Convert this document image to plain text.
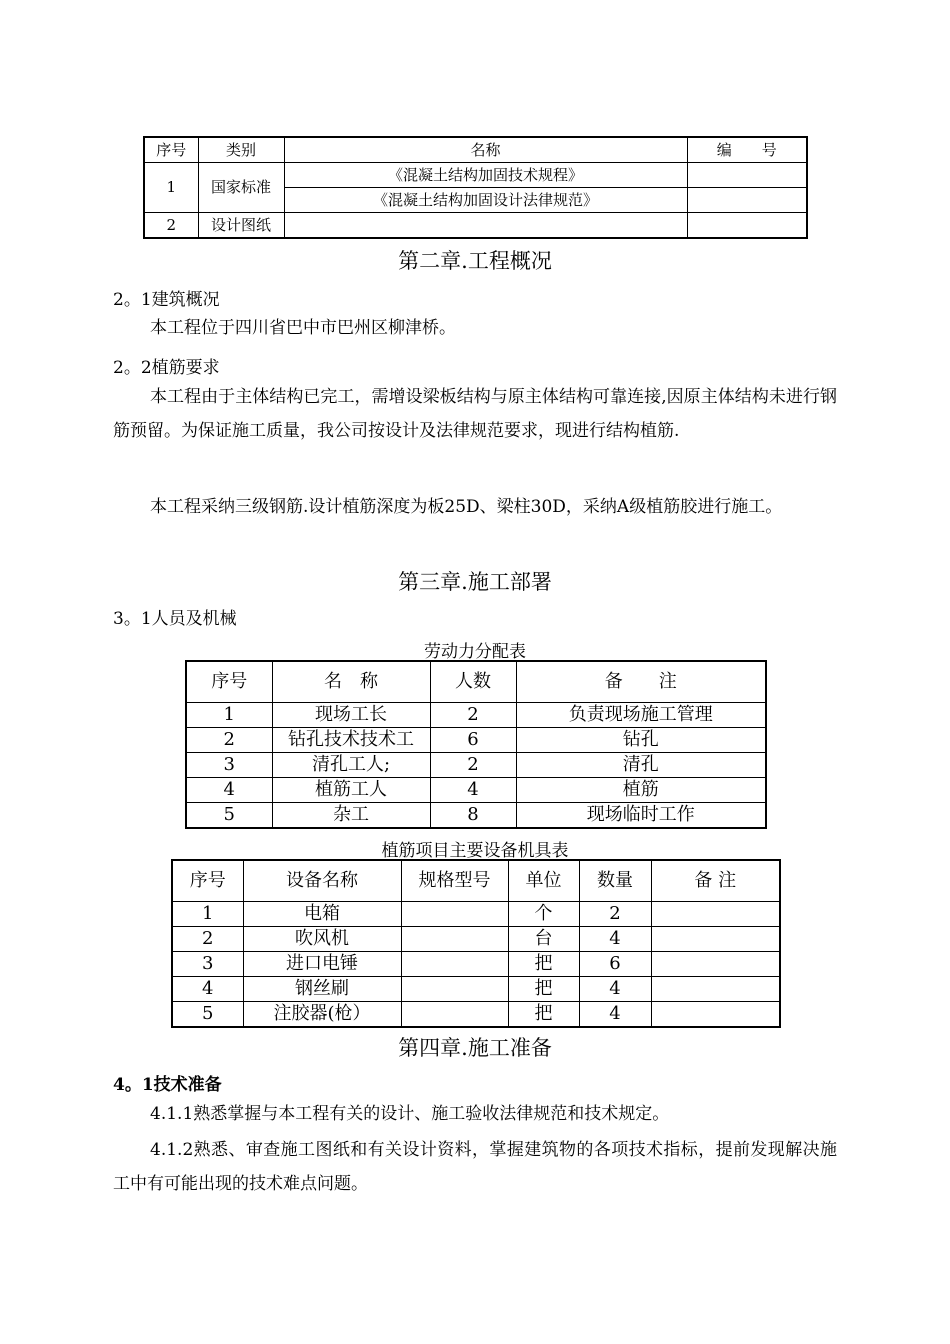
序号	类别	名称	编　　号
1	国家标准	《混凝土结构加固技术规程》	
		《混凝土结构加固设计法律规范》	
2	设计图纸		
第二章.工程概况
2。1建筑概况
本工程位于四川省巴中市巴州区柳津桥。
2。2植筋要求
本工程由于主体结构已完工，需增设梁板结构与原主体结构可靠连接,因原主体结构未进行钢筋预留。为保证施工质量，我公司按设计及法律规范要求，现进行结构植筋.
本工程采纳三级钢筋.设计植筋深度为板25D、梁柱30D，采纳A级植筋胶进行施工。
第三章.施工部署
3。1人员及机械
劳动力分配表
序号	名　称	人数	备　　注
1	现场工长	2	负责现场施工管理
2	钻孔技术技术工	6	钻孔
3	清孔工人;	2	清孔
4	植筋工人	4	植筋
5	杂工	8	现场临时工作
植筋项目主要设备机具表
序号	设备名称	规格型号	单位	数量	备 注
1	电箱		个	2	
2	吹风机		台	4	
3	进口电锤		把	6	
4	钢丝刷		把	4	
5	注胶器(枪）		把	4	
第四章.施工准备
4。1技术准备
4.1.1熟悉掌握与本工程有关的设计、施工验收法律规范和技术规定。
4.1.2熟悉、审查施工图纸和有关设计资料，掌握建筑物的各项技术指标，提前发现解决施工中有可能出现的技术难点问题。
